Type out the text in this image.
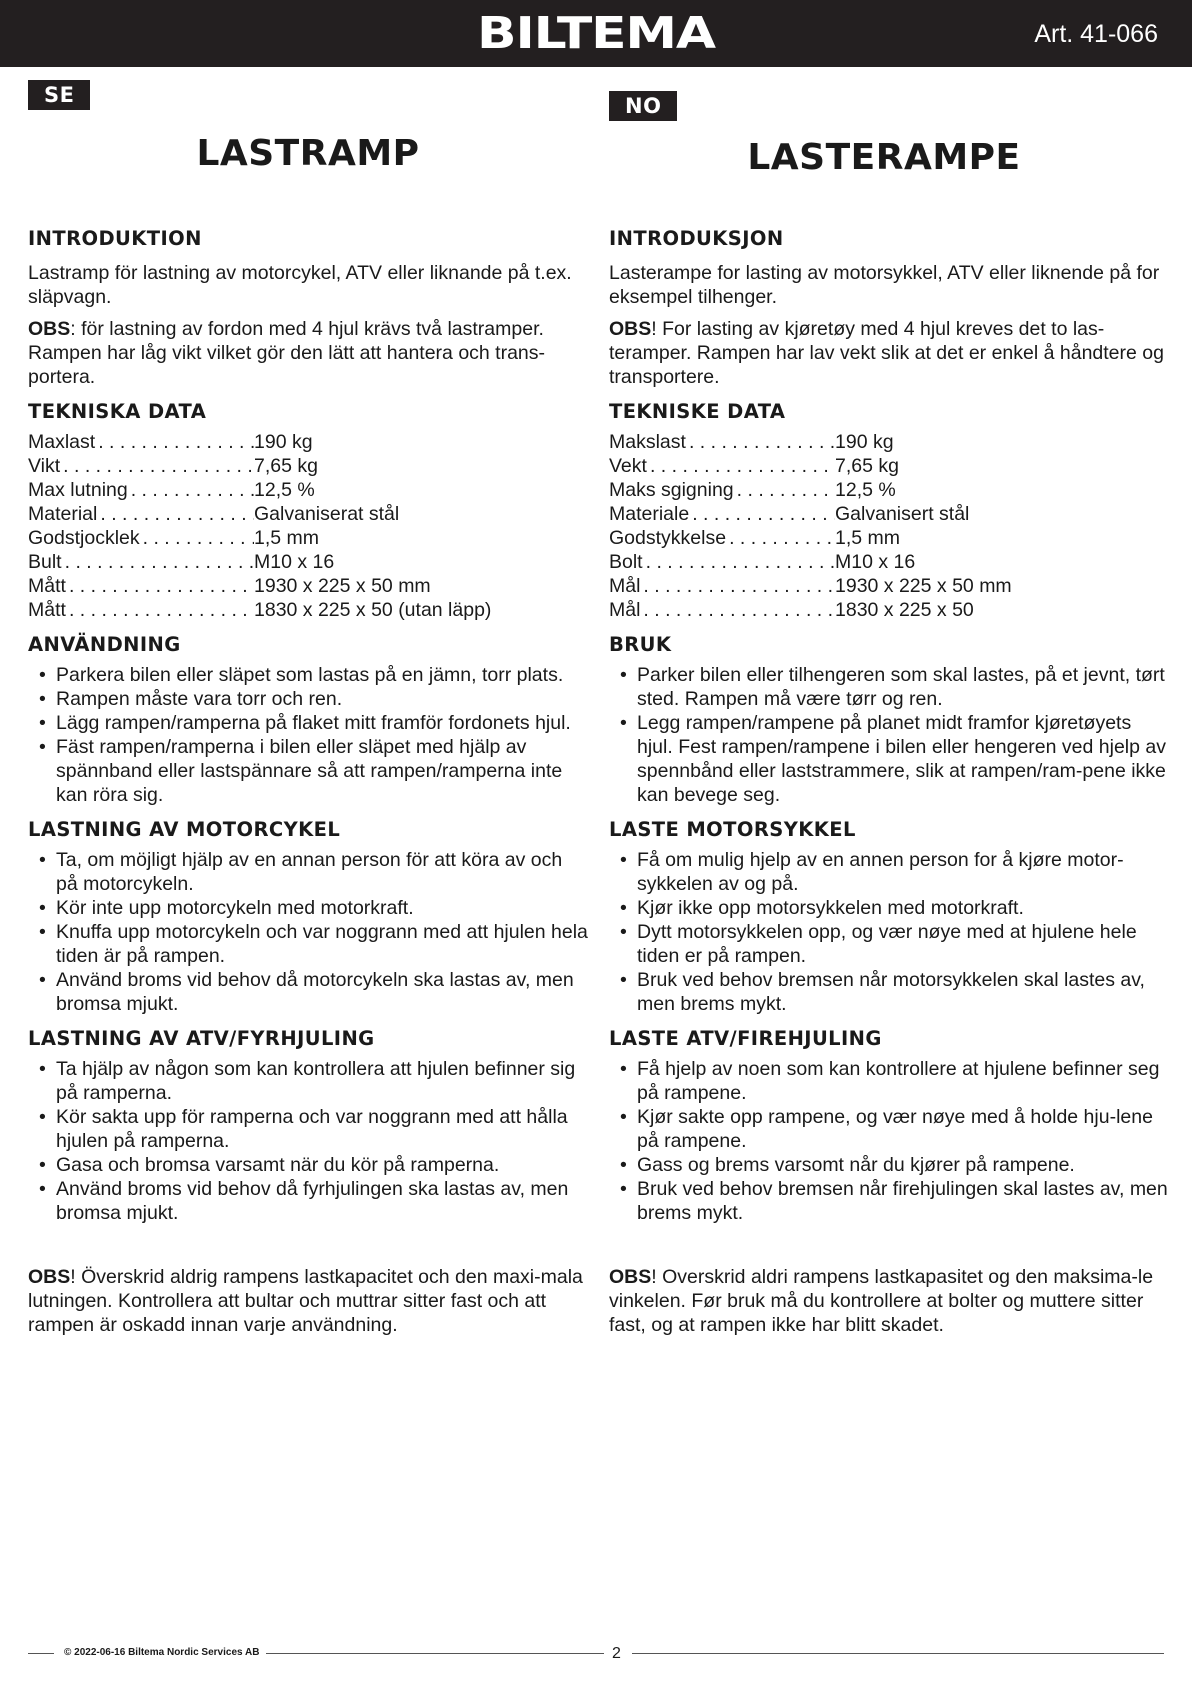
BILTEMA	Art. 41-066
SE
LASTRAMP
INTRODUKTION

Lastramp för lastning av motorcykel, ATV eller liknande på t.ex. släpvagn.

OBS: för lastning av fordon med 4 hjul krävs två lastramper. Rampen har låg vikt vilket gör den lätt att hantera och trans-portera.

TEKNISKA DATA
Maxlast . . .	190 kg
Vikt . . .	7,65 kg
Max lutning . . .	12,5 %
Material . . .	Galvaniserat stål
Godstjocklek . . .	1,5 mm
Bult . . .	M10 x 16
Mått . . .	1930 x 225 x 50 mm
Mått . . .	1830 x 225 x 50 (utan läpp)
ANVÄNDNING
• Parkera bilen eller släpet som lastas på en jämn, torr plats.
• Rampen måste vara torr och ren.
• Lägg rampen/ramperna på flaket mitt framför fordonets hjul.
• Fäst rampen/ramperna i bilen eller släpet med hjälp av spännband eller lastspännare så att rampen/ramperna inte kan röra sig.
LASTNING AV MOTORCYKEL
• Ta, om möjligt hjälp av en annan person för att köra av och på motorcykeln.
• Kör inte upp motorcykeln med motorkraft.
• Knuffa upp motorcykeln och var noggrann med att hjulen hela tiden är på rampen.
• Använd broms vid behov då motorcykeln ska lastas av, men bromsa mjukt.
LASTNING AV ATV/FYRHJULING
• Ta hjälp av någon som kan kontrollera att hjulen befinner sig på ramperna.
• Kör sakta upp för ramperna och var noggrann med att hålla hjulen på ramperna.
• Gasa och bromsa varsamt när du kör på ramperna.
• Använd broms vid behov då fyrhjulingen ska lastas av, men bromsa mjukt.

OBS! Överskrid aldrig rampens lastkapacitet och den maxi-mala lutningen. Kontrollera att bultar och muttrar sitter fast och att rampen är oskadd innan varje användning.

NO
LASTERAMPE
INTRODUKSJON

Lasterampe for lasting av motorsykkel, ATV eller liknende på for eksempel tilhenger.

OBS! For lasting av kjøretøy med 4 hjul kreves det to las-teramper. Rampen har lav vekt slik at det er enkel å håndtere og transportere.

TEKNISKE DATA
Makslast . . .	190 kg
Vekt . . .	7,65 kg
Maks sgigning . . .	12,5 %
Materiale . . .	Galvanisert stål
Godstykkelse . . .	1,5 mm
Bolt . . .	M10 x 16
Mål . . .	1930 x 225 x 50 mm
Mål . . .	1830 x 225 x 50
BRUK
• Parker bilen eller tilhengeren som skal lastes, på et jevnt, tørt sted. Rampen må være tørr og ren.
• Legg rampen/rampene på planet midt framfor kjøretøyets hjul. Fest rampen/rampene i bilen eller hengeren ved hjelp av spennbånd eller laststrammere, slik at rampen/ram-pene ikke kan bevege seg.
LASTE MOTORSYKKEL
• Få om mulig hjelp av en annen person for å kjøre motor-sykkelen av og på.
• Kjør ikke opp motorsykkelen med motorkraft.
• Dytt motorsykkelen opp, og vær nøye med at hjulene hele tiden er på rampen.
• Bruk ved behov bremsen når motorsykkelen skal lastes av, men brems mykt.
LASTE ATV/FIREHJULING
• Få hjelp av noen som kan kontrollere at hjulene befinner seg på rampene.
• Kjør sakte opp rampene, og vær nøye med å holde hju-lene på rampene.
• Gass og brems varsomt når du kjører på rampene.
• Bruk ved behov bremsen når firehjulingen skal lastes av, men brems mykt.

OBS! Overskrid aldri rampens lastkapasitet og den maksima-le vinkelen. Før bruk må du kontrollere at bolter og muttere sitter fast, og at rampen ikke har blitt skadet.

© 2022-06-16 Biltema Nordic Services AB	2
